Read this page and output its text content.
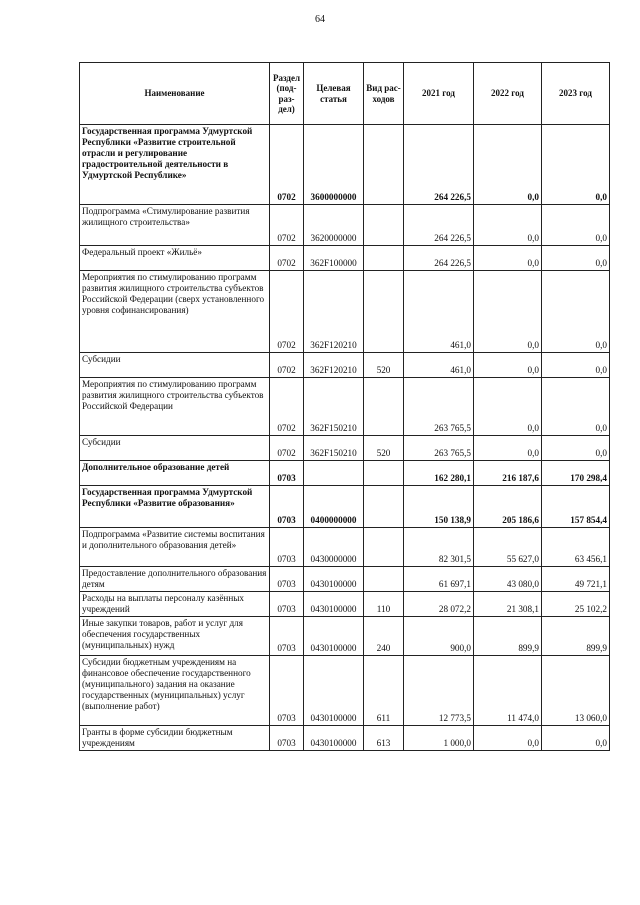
64
Наименование	Раздел (под-раз-дел)	Целевая статья	Вид рас-ходов	2021 год	2022 год	2023 год
Государственная программа Удмуртской Республики «Развитие строительной отрасли и регулирование градостроительной деятельности в Удмуртской Республике»	0702	3600000000		264 226,5	0,0	0,0
Подпрограмма «Стимулирование развития жилищного строительства»	0702	3620000000		264 226,5	0,0	0,0
Федеральный проект «Жильё»	0702	362F100000		264 226,5	0,0	0,0
Мероприятия по стимулированию программ развития жилищного строительства субъектов Российской Федерации (сверх установленного уровня софинансирования)	0702	362F120210		461,0	0,0	0,0
Субсидии	0702	362F120210	520	461,0	0,0	0,0
Мероприятия по стимулированию программ развития жилищного строительства субъектов Российской Федерации	0702	362F150210		263 765,5	0,0	0,0
Субсидии	0702	362F150210	520	263 765,5	0,0	0,0
Дополнительное образование детей	0703			162 280,1	216 187,6	170 298,4
Государственная программа Удмуртской Республики «Развитие образования»	0703	0400000000		150 138,9	205 186,6	157 854,4
Подпрограмма «Развитие системы воспитания и дополнительного образования детей»	0703	0430000000		82 301,5	55 627,0	63 456,1
Предоставление дополнительного образования детям	0703	0430100000		61 697,1	43 080,0	49 721,1
Расходы на выплаты персоналу казённых учреждений	0703	0430100000	110	28 072,2	21 308,1	25 102,2
Иные закупки товаров, работ и услуг для обеспечения государственных (муниципальных) нужд	0703	0430100000	240	900,0	899,9	899,9
Субсидии бюджетным учреждениям на финансовое обеспечение государственного (муниципального) задания на оказание государственных (муниципальных) услуг (выполнение работ)	0703	0430100000	611	12 773,5	11 474,0	13 060,0
Гранты в форме субсидии бюджетным учреждениям	0703	0430100000	613	1 000,0	0,0	0,0
